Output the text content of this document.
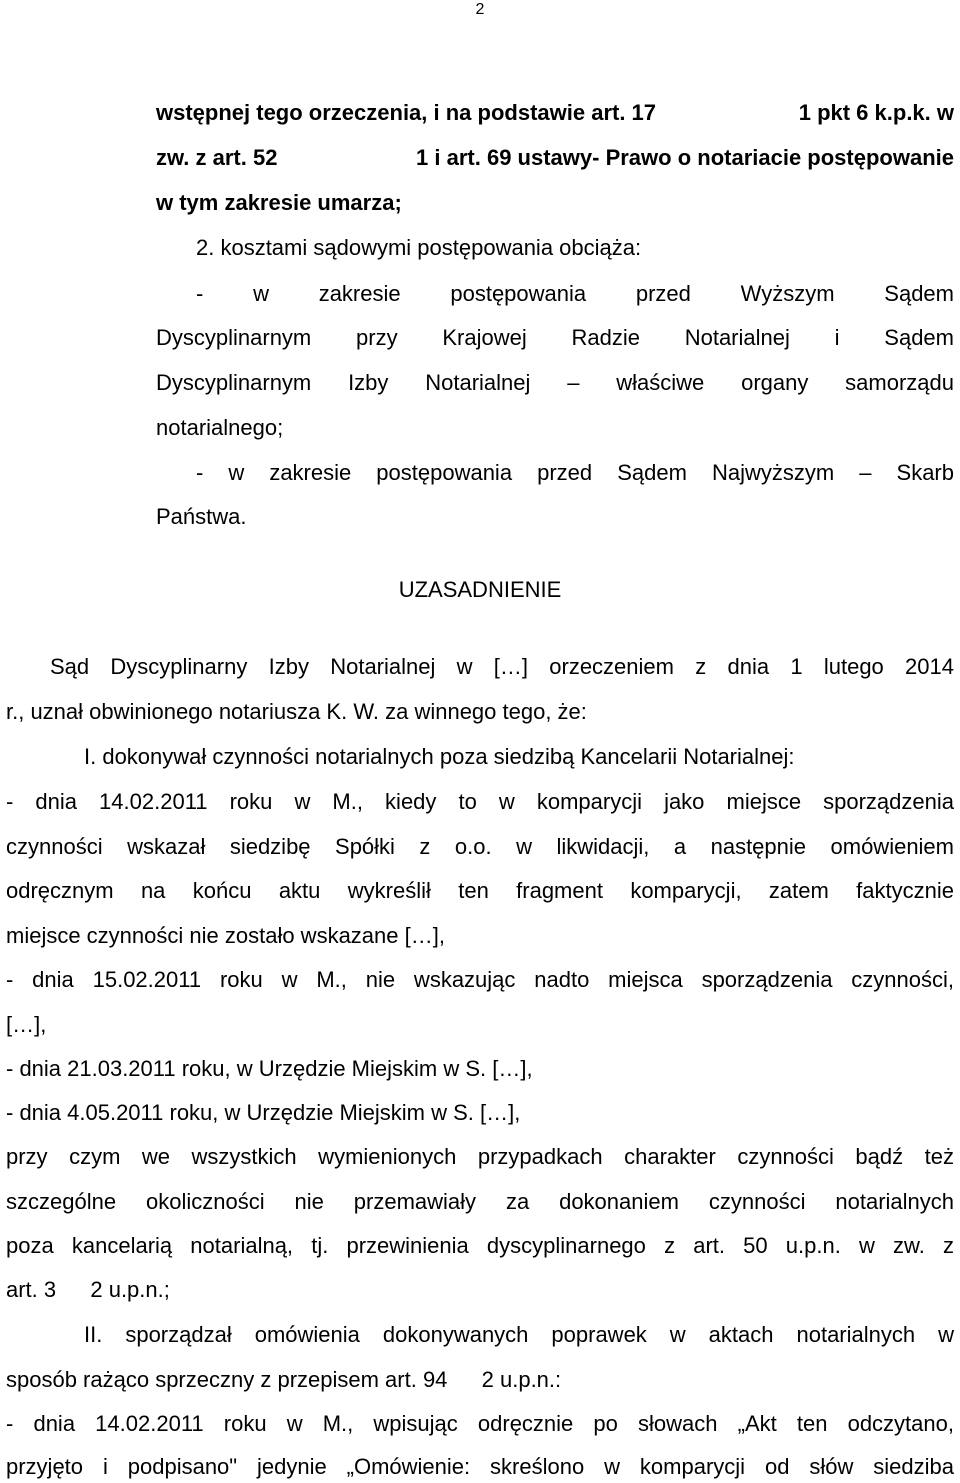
2
wstępnej tego orzeczenia, i na podstawie art. 17	1 pkt 6 k.p.k. w
zw. z art. 52	1 i art. 69 ustawy- Prawo o notariacie postępowanie
w tym zakresie umarza;
2. kosztami sądowymi postępowania obciąża:
- w zakresie postępowania przed Wyższym Sądem
Dyscyplinarnym przy Krajowej Radzie Notarialnej i Sądem
Dyscyplinarnym Izby Notarialnej – właściwe organy samorządu
notarialnego;
- w zakresie postępowania przed Sądem Najwyższym – Skarb
Państwa.
UZASADNIENIE
Sąd Dyscyplinarny Izby Notarialnej w […] orzeczeniem z dnia 1 lutego 2014
r., uznał obwinionego notariusza K. W. za winnego tego, że:
I. dokonywał czynności notarialnych poza siedzibą Kancelarii Notarialnej:
- dnia 14.02.2011 roku w M., kiedy to w komparycji jako miejsce sporządzenia
czynności wskazał siedzibę Spółki z o.o. w likwidacji, a następnie omówieniem
odręcznym na końcu aktu wykreślił ten fragment komparycji, zatem faktycznie
miejsce czynności nie zostało wskazane […],
- dnia 15.02.2011 roku w M., nie wskazując nadto miejsca sporządzenia czynności,
[…],
- dnia 21.03.2011 roku, w Urzędzie Miejskim w S. […],
- dnia 4.05.2011 roku, w Urzędzie Miejskim w S. […],
przy czym we wszystkich wymienionych przypadkach charakter czynności bądź też
szczególne okoliczności nie przemawiały za dokonaniem czynności notarialnych
poza kancelarią notarialną, tj. przewinienia dyscyplinarnego z art. 50 u.p.n. w zw. z
art. 3  2 u.p.n.;
II. sporządzał omówienia dokonywanych poprawek w aktach notarialnych w
sposób rażąco sprzeczny z przepisem art. 94  2 u.p.n.:
- dnia 14.02.2011 roku w M., wpisując odręcznie po słowach „Akt ten odczytano,
przyjęto i podpisano" jedynie „Omówienie: skreślono w komparycji od słów siedziba
